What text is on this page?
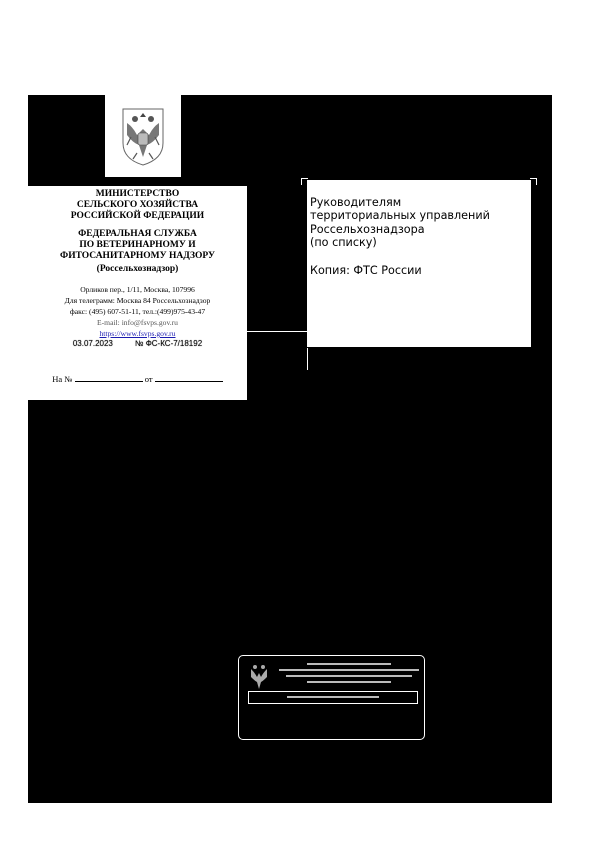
МИНИСТЕРСТВО
СЕЛЬСКОГО ХОЗЯЙСТВА
РОССИЙСКОЙ ФЕДЕРАЦИИ
ФЕДЕРАЛЬНАЯ СЛУЖБА
ПО ВЕТЕРИНАРНОМУ И
ФИТОСАНИТАРНОМУ НАДЗОРУ
(Россельхознадзор)
Орликов пер., 1/11, Москва, 107996
Для телеграмм: Москва 84 Россельхознадзор
факс: (495) 607-51-11, тел.:(499)975-43-47
E-mail: info@fsvps.gov.ru
https://www.fsvps.gov.ru
03.07.2023	№ ФС-КС-7/18192
На №	от

Руководителям

территориальных управлений

Россельхознадзора

(по списку)

Копия: ФТС России
